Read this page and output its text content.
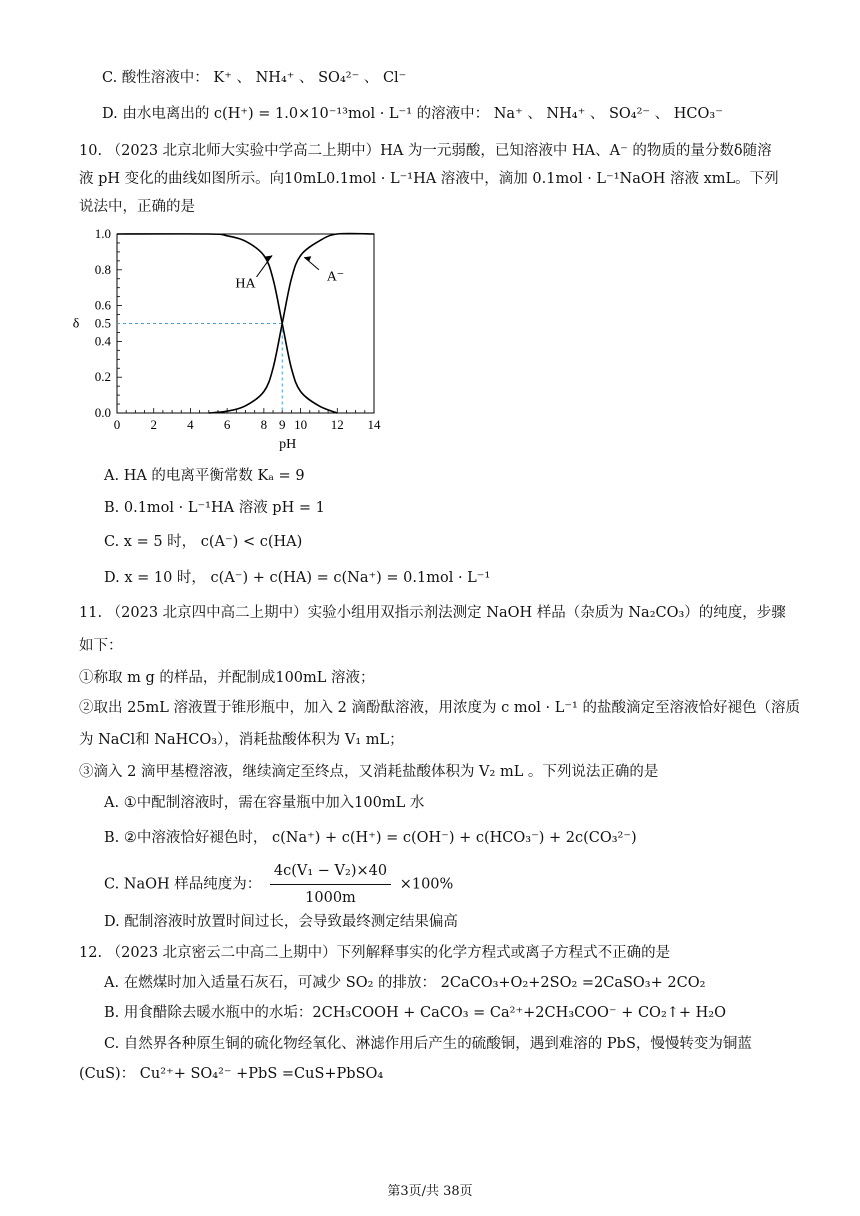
C. 酸性溶液中： K⁺ 、 NH₄⁺ 、 SO₄²⁻ 、 Cl⁻
D. 由水电离出的 c(H⁺) = 1.0×10⁻¹³mol · L⁻¹ 的溶液中： Na⁺ 、 NH₄⁺ 、 SO₄²⁻ 、 HCO₃⁻
10. （2023 北京北师大实验中学高二上期中）HA 为一元弱酸，已知溶液中 HA、A⁻ 的物质的量分数δ随溶液 pH 变化的曲线如图所示。向10mL0.1mol · L⁻¹HA 溶液中，滴加 0.1mol · L⁻¹NaOH 溶液 xmL。下列说法中，正确的是
0 2 4 6 8 9 10 12 14
0.0
0.2
0.4
0.5
0.6
0.8
1.0
pH
δ
HA	A⁻
A. HA 的电离平衡常数 Kₐ = 9
B. 0.1mol · L⁻¹HA 溶液 pH = 1
C. x = 5 时， c(A⁻) < c(HA)
D. x = 10 时， c(A⁻) + c(HA) = c(Na⁺) = 0.1mol · L⁻¹
11. （2023 北京四中高二上期中）实验小组用双指示剂法测定 NaOH 样品（杂质为 Na₂CO₃）的纯度，步骤
如下：
①称取 m g 的样品，并配制成100mL 溶液；
②取出 25mL 溶液置于锥形瓶中，加入 2 滴酚酞溶液，用浓度为 c mol · L⁻¹ 的盐酸滴定至溶液恰好褪色（溶质
为 NaCl和 NaHCO₃），消耗盐酸体积为 V₁ mL；
③滴入 2 滴甲基橙溶液，继续滴定至终点，又消耗盐酸体积为 V₂ mL 。下列说法正确的是
A. ①中配制溶液时，需在容量瓶中加入100mL 水
B. ②中溶液恰好褪色时， c(Na⁺) + c(H⁺) = c(OH⁻) + c(HCO₃⁻) + 2c(CO₃²⁻)
C. NaOH 样品纯度为： $\frac{\text{4c(V₁ − V₂)×40}}{1000m} \times 100\%$
D. 配制溶液时放置时间过长，会导致最终测定结果偏高
12. （2023 北京密云二中高二上期中）下列解释事实的化学方程式或离子方程式不正确的是
A. 在燃煤时加入适量石灰石，可减少 SO₂ 的排放： 2CaCO₃+O₂+2SO₂ =2CaSO₃+ 2CO₂
B. 用食醋除去暖水瓶中的水垢：2CH₃COOH + CaCO₃ = Ca²⁺+2CH₃COO⁻ + CO₂↑+ H₂O
C. 自然界各种原生铜的硫化物经氧化、淋滤作用后产生的硫酸铜，遇到难溶的 PbS，慢慢转变为铜蓝
(CuS)： Cu²⁺+ SO₄²⁻ +PbS =CuS+PbSO₄
第3页/共 38页
